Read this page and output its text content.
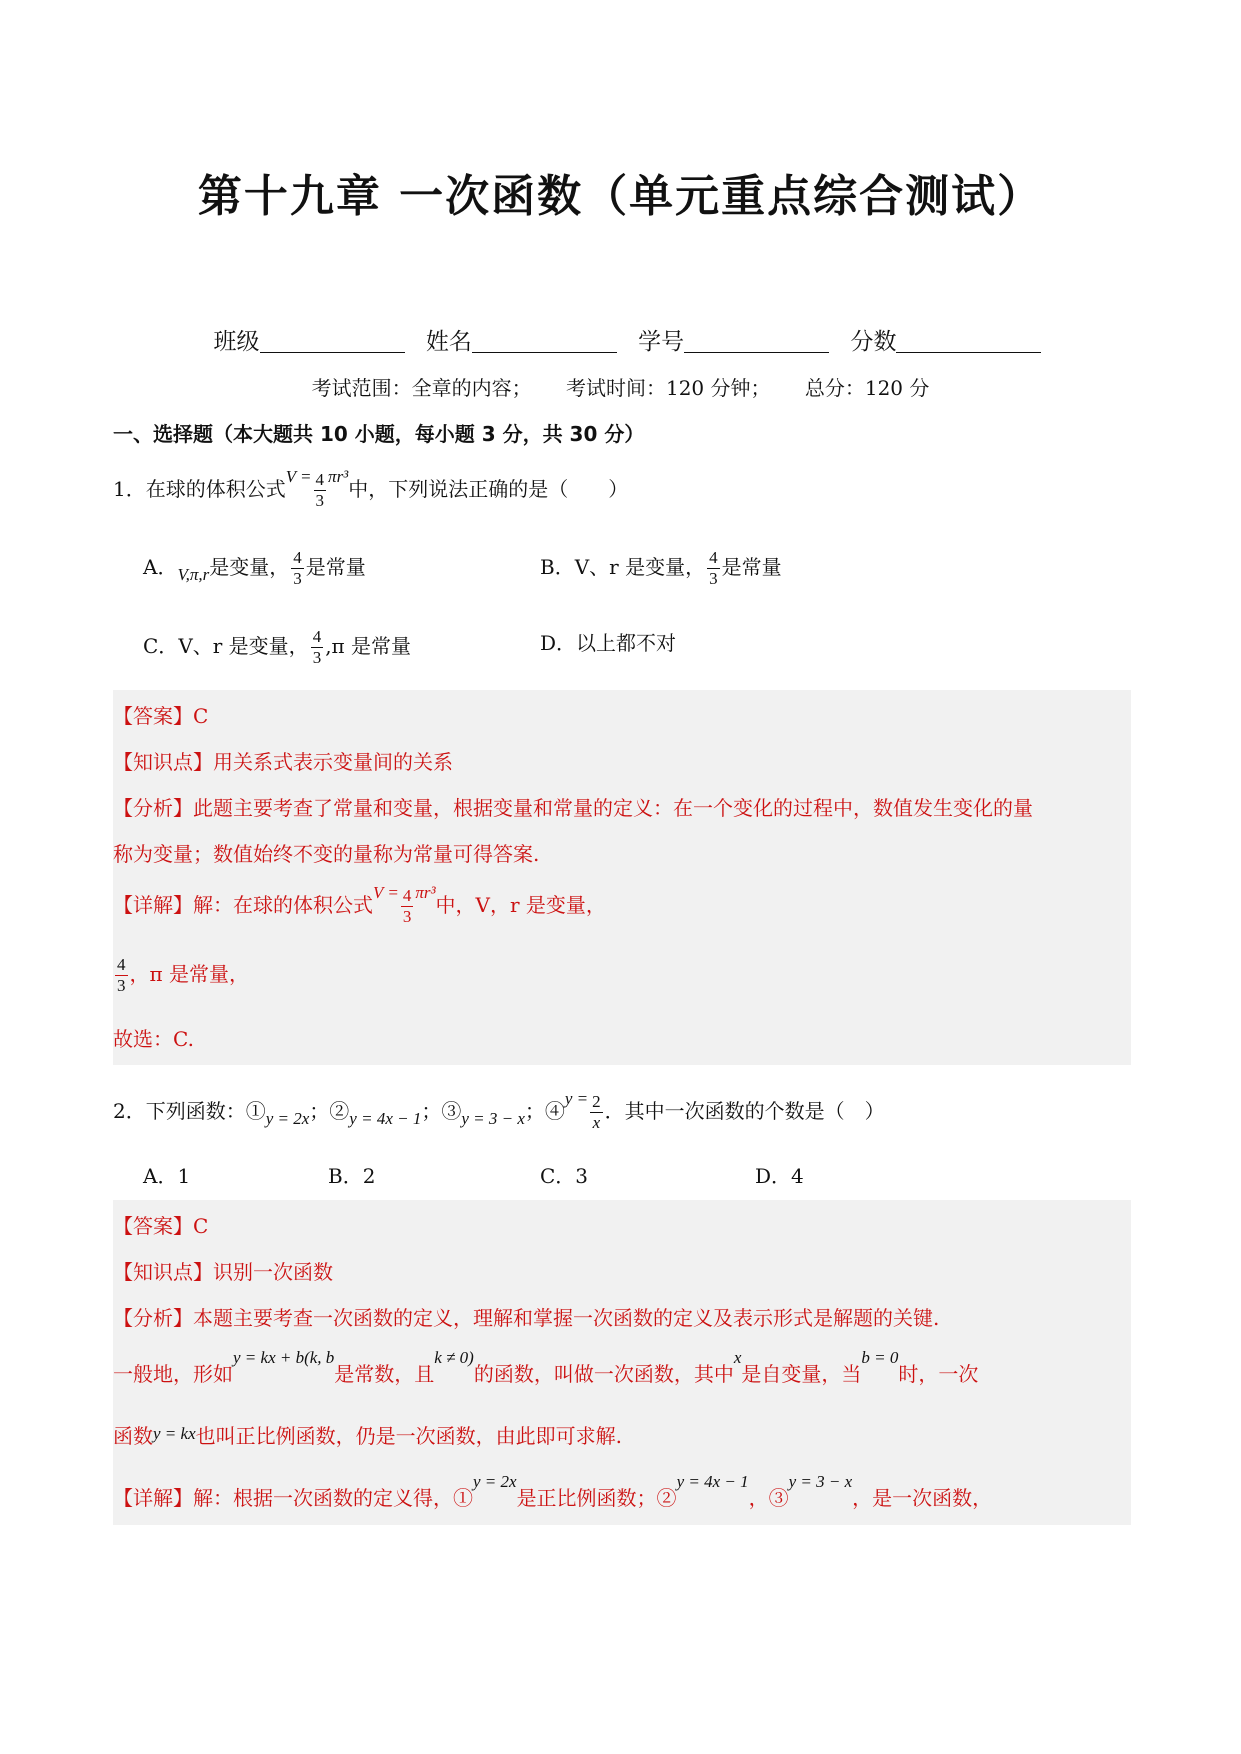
第十九章 一次函数（单元重点综合测试）
班级	姓名	学号	分数
考试范围：全章的内容； 考试时间：120 分钟； 总分：120 分
一、选择题（本大题共 10 小题，每小题 3 分，共 30 分）
1．在球的体积公式$^{V =} \frac{4}{3} ^{\pi r^3}$中，下列说法正确的是（　　）
A．$_{V,\pi,r}$是变量， $\frac{4}{3}$ 是常量	B．V、r 是变量， $\frac{4}{3}$ 是常量
C．V、r 是变量， $\frac{4}{3} ,\pi$ 是常量	D．以上都不对
【答案】C
【知识点】用关系式表示变量间的关系
【分析】此题主要考查了常量和变量，根据变量和常量的定义：在一个变化的过程中，数值发生变化的量
称为变量；数值始终不变的量称为常量可得答案.
【详解】解：在球的体积公式$^{V =} \frac{4}{3} ^{\pi r^3}$中，V，r 是变量，
$\frac{4}{3}$ ，π 是常量，
故选：C.
2．下列函数：$①_{y = 2x}$；$②_{y = 4x - 1}$；$③_{y = 3 - x}$；④$^{y =}$ $\frac{2}{x}$ ．其中一次函数的个数是（　）
A．1	B．2	C．3	D．4
【答案】C
【知识点】识别一次函数
【分析】本题主要考查一次函数的定义，理解和掌握一次函数的定义及表示形式是解题的关键.
一般地，形如$^{y = kx + b(k, b}$是常数，且$^{k \ne 0)}$的函数，叫做一次函数，其中$^x$是自变量，当$^{b = 0}$时，一次
函数$^{y = kx}$也叫正比例函数，仍是一次函数，由此即可求解.
【详解】解：根据一次函数的定义得，①$^{y = 2x}$是正比例函数；②$^{y = 4x - 1}$，③$^{y = 3 - x}$，是一次函数，
